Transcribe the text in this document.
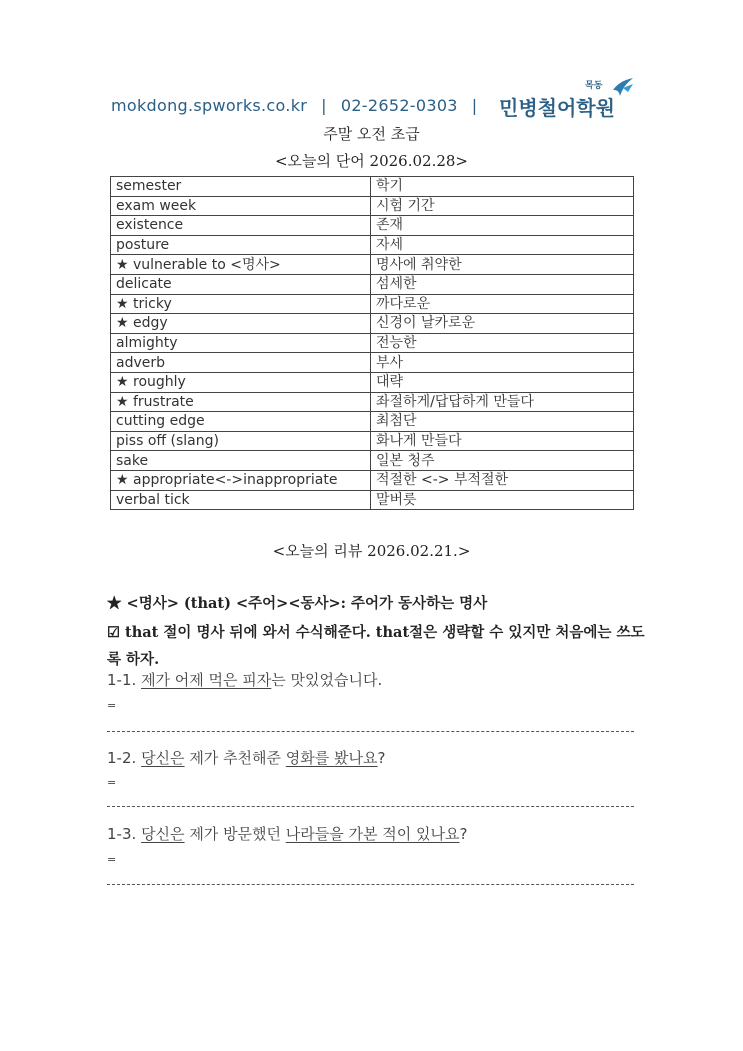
mokdong.spworks.co.kr | 02-2652-0303 |
목동
민병철어학원
주말 오전 초급
<오늘의 단어 2026.02.28>
semester	학기
exam week	시험 기간
existence	존재
posture	자세
★ vulnerable to <명사>	명사에 취약한
delicate	섬세한
★ tricky	까다로운
★ edgy	신경이 날카로운
almighty	전능한
adverb	부사
★ roughly	대략
★ frustrate	좌절하게/답답하게 만들다
cutting edge	최첨단
piss off (slang)	화나게 만들다
sake	일본 청주
★ appropriate<->inappropriate	적절한 <-> 부적절한
verbal tick	말버릇
<오늘의 리뷰 2026.02.21.>
★ <명사> (that) <주어><동사>: 주어가 동사하는 명사
☑ that 절이 명사 뒤에 와서 수식해준다. that절은 생략할 수 있지만 처음에는 쓰도록 하자.
1-1. 제가 어제 먹은 피자는 맛있었습니다.
=
1-2. 당신은 제가 추천해준 영화를 봤나요?
=
1-3. 당신은 제가 방문했던 나라들을 가본 적이 있나요?
=
